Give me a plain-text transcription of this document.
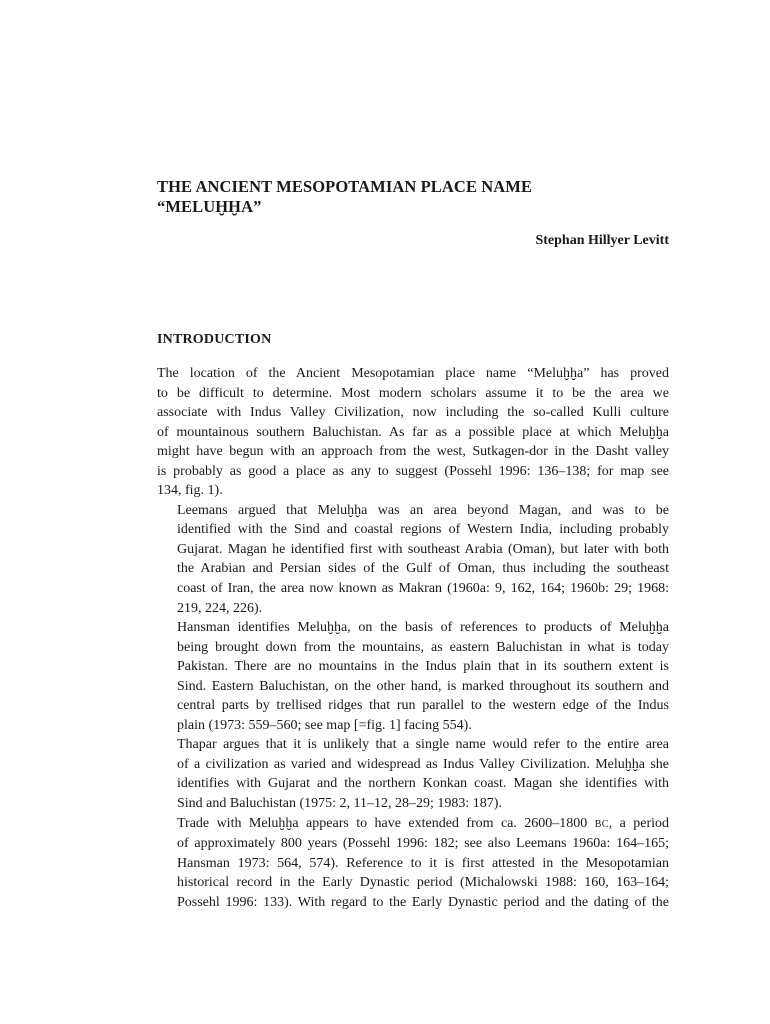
THE ANCIENT MESOPOTAMIAN PLACE NAME
“MELUḪḪA”
Stephan Hillyer Levitt
INTRODUCTION

The location of the Ancient Mesopotamian place name “Meluḫḫa” has proved
to be difficult to determine. Most modern scholars assume it to be the area we
associate with Indus Valley Civilization, now including the so-called Kulli culture
of mountainous southern Baluchistan. As far as a possible place at which Meluḫḫa
might have begun with an approach from the west, Sutkagen-dor in the Dasht valley
is probably as good a place as any to suggest (Possehl 1996: 136–138; for map see
134, fig. 1).

Leemans argued that Meluḫḫa was an area beyond Magan, and was to be
identified with the Sind and coastal regions of Western India, including probably
Gujarat. Magan he identified first with southeast Arabia (Oman), but later with both
the Arabian and Persian sides of the Gulf of Oman, thus including the southeast
coast of Iran, the area now known as Makran (1960a: 9, 162, 164; 1960b: 29; 1968:
219, 224, 226).

Hansman identifies Meluḫḫa, on the basis of references to products of Meluḫḫa
being brought down from the mountains, as eastern Baluchistan in what is today
Pakistan. There are no mountains in the Indus plain that in its southern extent is
Sind. Eastern Baluchistan, on the other hand, is marked throughout its southern and
central parts by trellised ridges that run parallel to the western edge of the Indus
plain (1973: 559–560; see map [=fig. 1] facing 554).

Thapar argues that it is unlikely that a single name would refer to the entire area
of a civilization as varied and widespread as Indus Valley Civilization. Meluḫḫa she
identifies with Gujarat and the northern Konkan coast. Magan she identifies with
Sind and Baluchistan (1975: 2, 11–12, 28–29; 1983: 187).

Trade with Meluḫḫa appears to have extended from ca. 2600–1800 BC, a period
of approximately 800 years (Possehl 1996: 182; see also Leemans 1960a: 164–165;
Hansman 1973: 564, 574). Reference to it is first attested in the Mesopotamian
historical record in the Early Dynastic period (Michalowski 1988: 160, 163–164;
Possehl 1996: 133). With regard to the Early Dynastic period and the dating of the
